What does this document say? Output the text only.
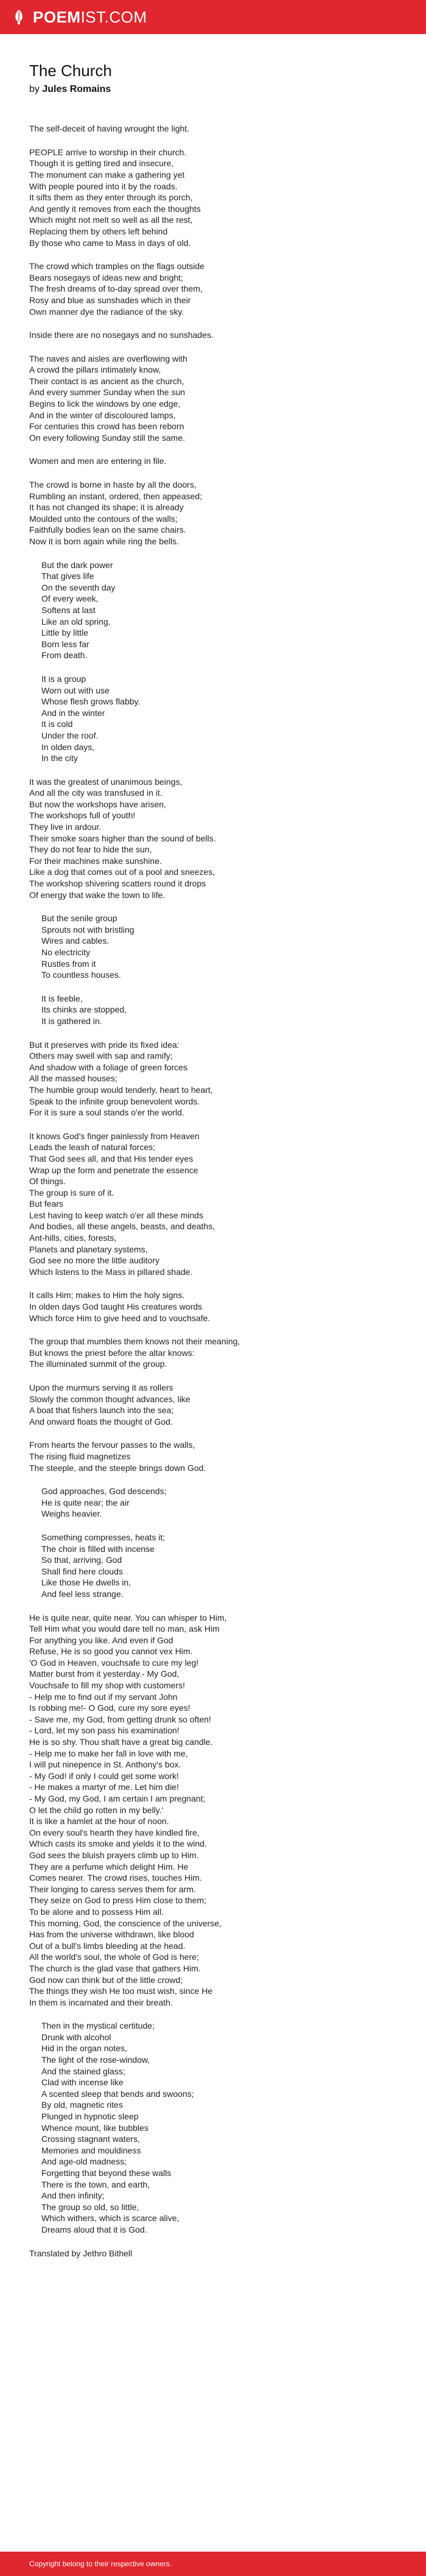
POEMIST.COM
The Church

by Jules Romains

The self-deceit of having wrought the light.
PEOPLE arrive to worship in their church.
Though it is getting tired and insecure,
The monument can make a gathering yet
With people poured into it by the roads.
It sifts them as they enter through its porch,
And gently it removes from each the thoughts
Which might not melt so well as all the rest,
Replacing them by others left behind
By those who came to Mass in days of old.
The crowd which tramples on the flags outside
Bears nosegays of ideas new and bright;
The fresh dreams of to-day spread over them,
Rosy and blue as sunshades which in their
Own manner dye the radiance of the sky.
Inside there are no nosegays and no sunshades.
The naves and aisles are overflowing with
A crowd the pillars intimately know,
Their contact is as ancient as the church,
And every summer Sunday when the sun
Begins to lick the windows by one edge,
And in the winter of discoloured lamps,
For centuries this crowd has been reborn
On every following Sunday still the same.
Women and men are entering in file.
The crowd is borne in haste by all the doors,
Rumbling an instant, ordered, then appeased;
It has not changed its shape; it is already
Moulded unto the contours of the walls;
Faithfully bodies lean on the same chairs.
Now it is born again while ring the bells.
But the dark power
That gives life
On the seventh day
Of every week,
Softens at last
Like an old spring,
Little by little
Born less far
From death.
It is a group
Worn out with use
Whose flesh grows flabby.
And in the winter
It is cold
Under the roof.
In olden days,
In the city
It was the greatest of unanimous beings,
And all the city was transfused in it.
But now the workshops have arisen,
The workshops full of youth!
They live in ardour.
Their smoke soars higher than the sound of bells.
They do not fear to hide the sun,
For their machines make sunshine.
Like a dog that comes out of a pool and sneezes,
The workshop shivering scatters round it drops
Of energy that wake the town to life.
But the senile group
Sprouts not with bristling
Wires and cables.
No electricity
Rustles from it
To countless houses.
It is feeble,
Its chinks are stopped,
It is gathered in.
But it preserves with pride its fixed idea:
Others may swell with sap and ramify;
And shadow with a foliage of green forces
All the massed houses;
The humble group would tenderly, heart to heart,
Speak to the infinite group benevolent words.
For it is sure a soul stands o'er the world.
It knows God's finger painlessly from Heaven
Leads the leash of natural forces;
That God sees all, and that His tender eyes
Wrap up the form and penetrate the essence
Of things.
The group is sure of it.
But fears
Lest having to keep watch o'er all these minds
And bodies, all these angels, beasts, and deaths,
Ant-hills, cities, forests,
Planets and planetary systems,
God see no more the little auditory
Which listens to the Mass in pillared shade.
It calls Him; makes to Him the holy signs.
In olden days God taught His creatures words
Which force Him to give heed and to vouchsafe.
The group that mumbles them knows not their meaning,
But knows the priest before the altar knows:
The illuminated summit of the group.
Upon the murmurs serving it as rollers
Slowly the common thought advances, like
A boat that fishers launch into the sea;
And onward floats the thought of God.
From hearts the fervour passes to the walls,
The rising fluid magnetizes
The steeple, and the steeple brings down God.
God approaches, God descends;
He is quite near; the air
Weighs heavier.
Something compresses, heats it;
The choir is filled with incense
So that, arriving, God
Shall find here clouds
Like those He dwells in,
And feel less strange.
He is quite near, quite near. You can whisper to Him,
Tell Him what you would dare tell no man, ask Him
For anything you like. And even if God
Refuse, He is so good you cannot vex Him.
'O God in Heaven, vouchsafe to cure my leg!
Matter burst from it yesterday.- My God,
Vouchsafe to fill my shop with customers!
- Help me to find out if my servant John
Is robbing me!- O God, cure my sore eyes!
- Save me, my God, from getting drunk so often!
- Lord, let my son pass his examination!
He is so shy. Thou shalt have a great big candle.
- Help me to make her fall in love with me,
I will put ninepence in St. Anthony's box.
- My God! if only I could get some work!
- He makes a martyr of me. Let him die!
- My God, my God, I am certain I am pregnant;
O let the child go rotten in my belly.'
It is like a hamlet at the hour of noon.
On every soul's hearth they have kindled fire,
Which casts its smoke and yields it to the wind.
God sees the bluish prayers climb up to Him.
They are a perfume which delight Him. He
Comes nearer. The crowd rises, touches Him.
Their longing to caress serves them for arm.
They seize on God to press Him close to them;
To be alone and to possess Him all.
This morning, God, the conscience of the universe,
Has from the universe withdrawn, like blood
Out of a bull's limbs bleeding at the head.
All the world's soul, the whole of God is here;
The church is the glad vase that gathers Him.
God now can think but of the little crowd;
The things they wish He too must wish, since He
In them is incarnated and their breath.
Then in the mystical certitude;
Drunk with alcohol
Hid in the organ notes,
The light of the rose-window,
And the stained glass;
Clad with incense like
A scented sleep that bends and swoons;
By old, magnetic rites
Plunged in hypnotic sleep
Whence mount, like bubbles
Crossing stagnant waters,
Memories and mouldiness
And age-old madness;
Forgetting that beyond these walls
There is the town, and earth,
And then infinity;
The group so old, so little,
Which withers, which is scarce alive,
Dreams aloud that it is God.
Translated by Jethro Bithell
Copyright belong to their respective owners.
